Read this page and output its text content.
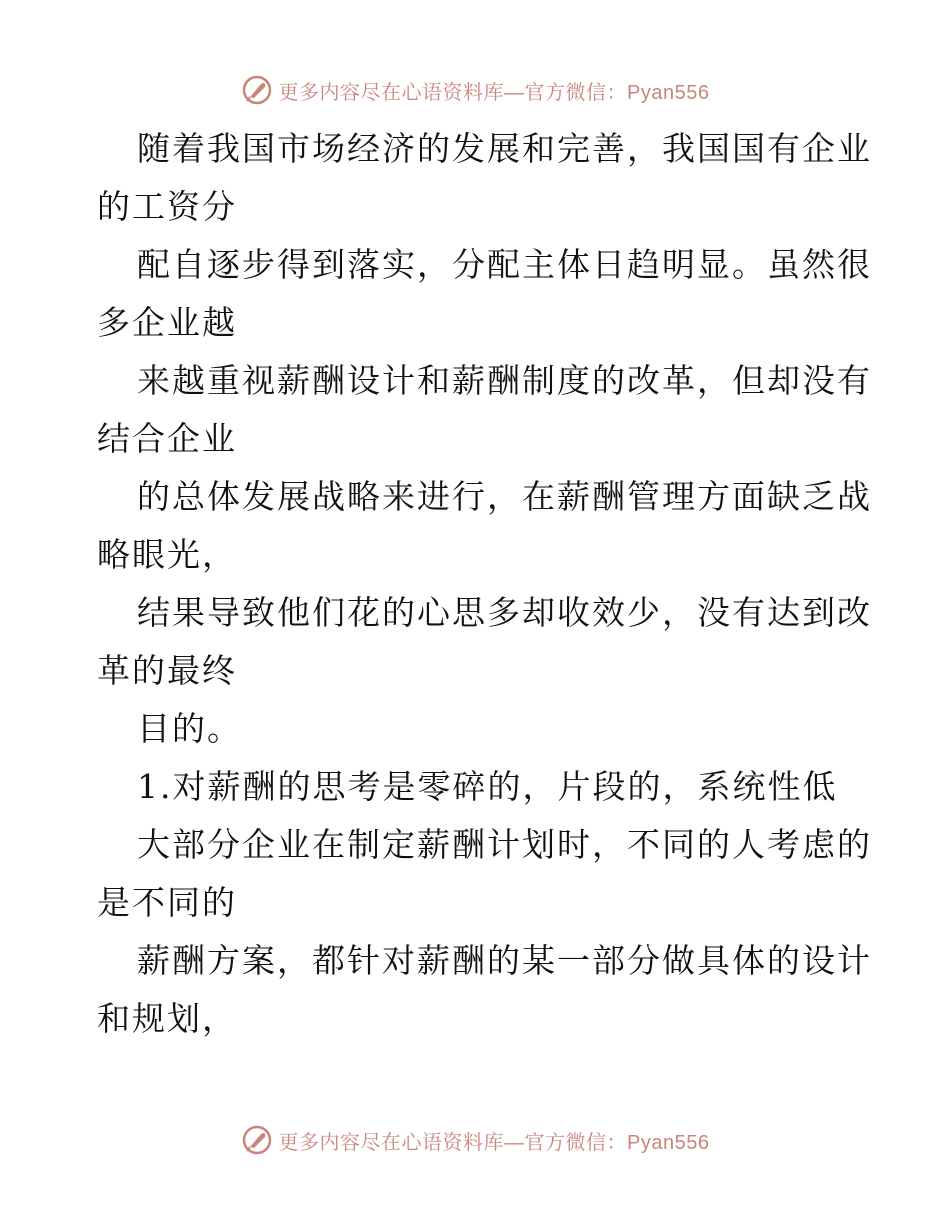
更多内容尽在心语资料库—官方微信：Pyan556
随着我国市场经济的发展和完善，我国国有企业
的工资分
配自逐步得到落实，分配主体日趋明显。虽然很
多企业越
来越重视薪酬设计和薪酬制度的改革，但却没有
结合企业
的总体发展战略来进行，在薪酬管理方面缺乏战
略眼光，
结果导致他们花的心思多却收效少，没有达到改
革的最终
目的。
1.对薪酬的思考是零碎的，片段的，系统性低
大部分企业在制定薪酬计划时，不同的人考虑的
是不同的
薪酬方案，都针对薪酬的某一部分做具体的设计
和规划，
更多内容尽在心语资料库—官方微信：Pyan556
